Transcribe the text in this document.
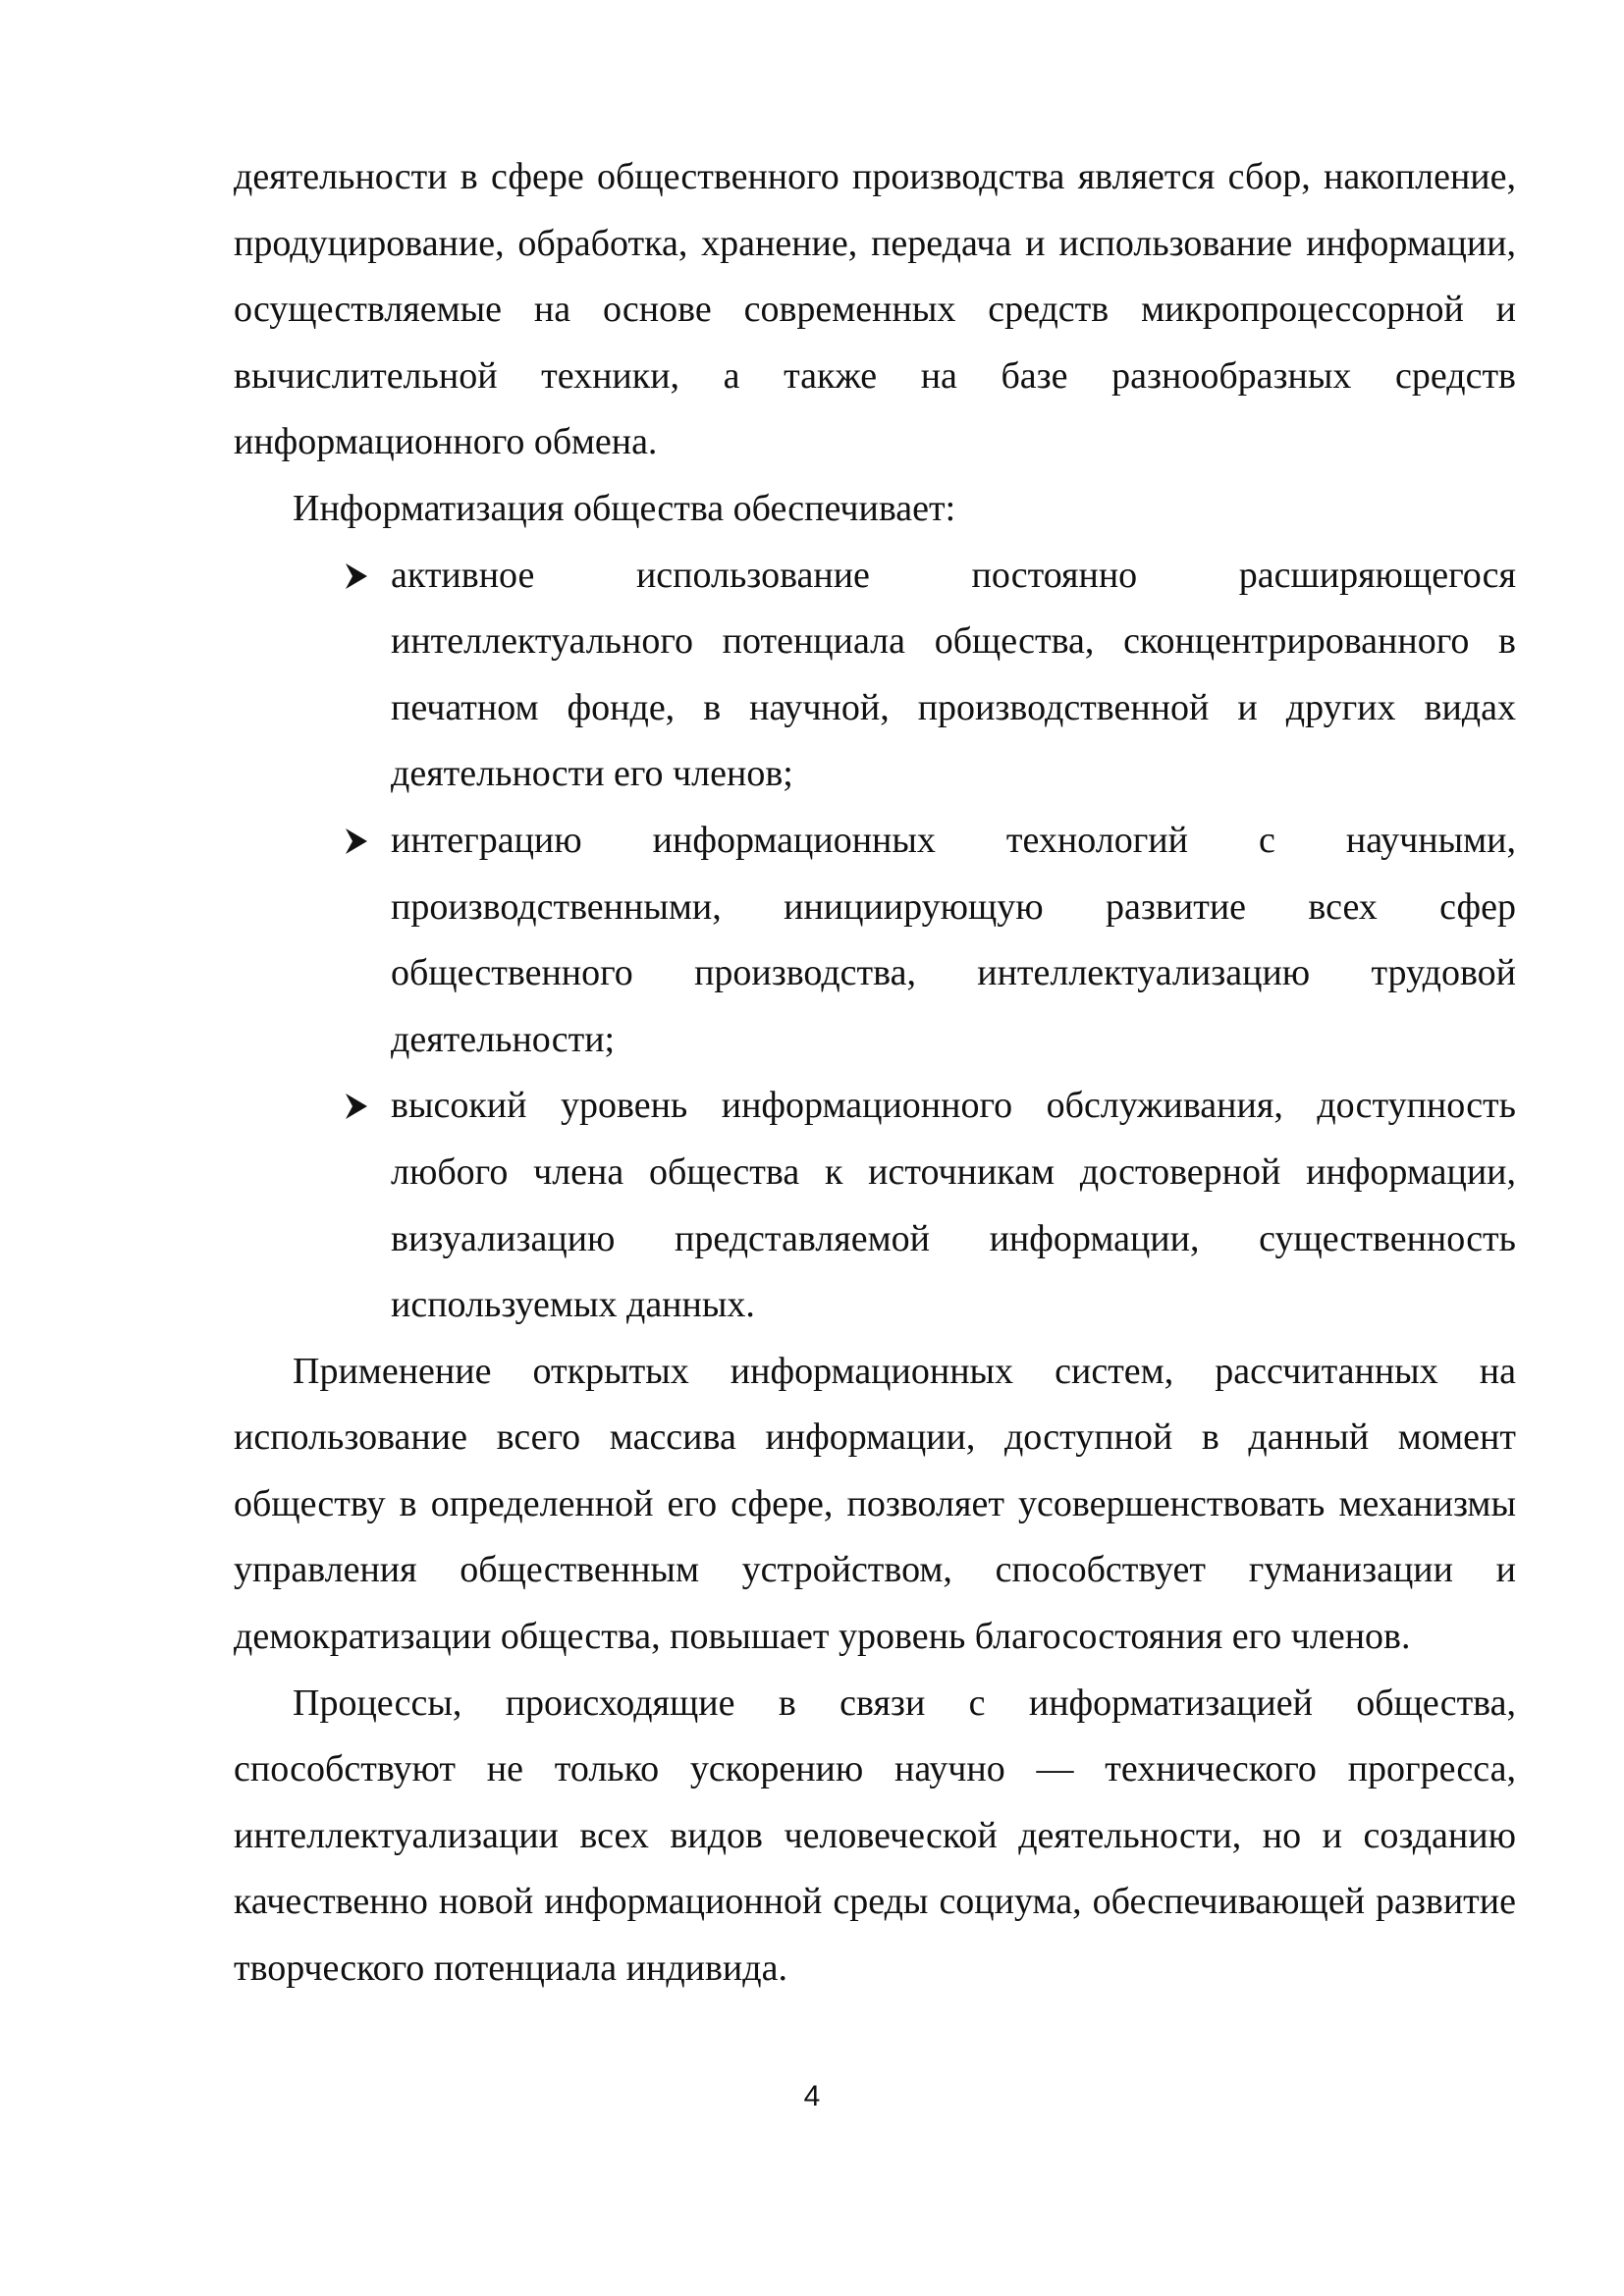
деятельности в сфере общественного производства является сбор, накопление, продуцирование, обработка, хранение, передача и использование информации, осуществляемые на основе современных средств микропроцессорной и вычислительной техники, а также на базе разнообразных средств информационного обмена.

Информатизация общества обеспечивает:

активное использование постоянно расширяющегося интеллектуального потенциала общества, сконцентрированного в печатном фонде, в научной, производственной и других видах деятельности его членов;
интеграцию информационных технологий с научными, производственными, инициирующую развитие всех сфер общественного производства, интеллектуализацию трудовой деятельности;
высокий уровень информационного обслуживания, доступность любого члена общества к источникам достоверной информации, визуализацию представляемой информации, существенность используемых данных.

Применение открытых информационных систем, рассчитанных на использование всего массива информации, доступной в данный момент обществу в определенной его сфере, позволяет усовершенствовать механизмы управления общественным устройством, способствует гуманизации и демократизации общества, повышает уровень благосостояния его членов.

Процессы, происходящие в связи с информатизацией общества, способствуют не только ускорению научно — технического прогресса, интеллектуализации всех видов человеческой деятельности, но и созданию качественно новой информационной среды социума, обеспечивающей развитие творческого потенциала индивида.

4
